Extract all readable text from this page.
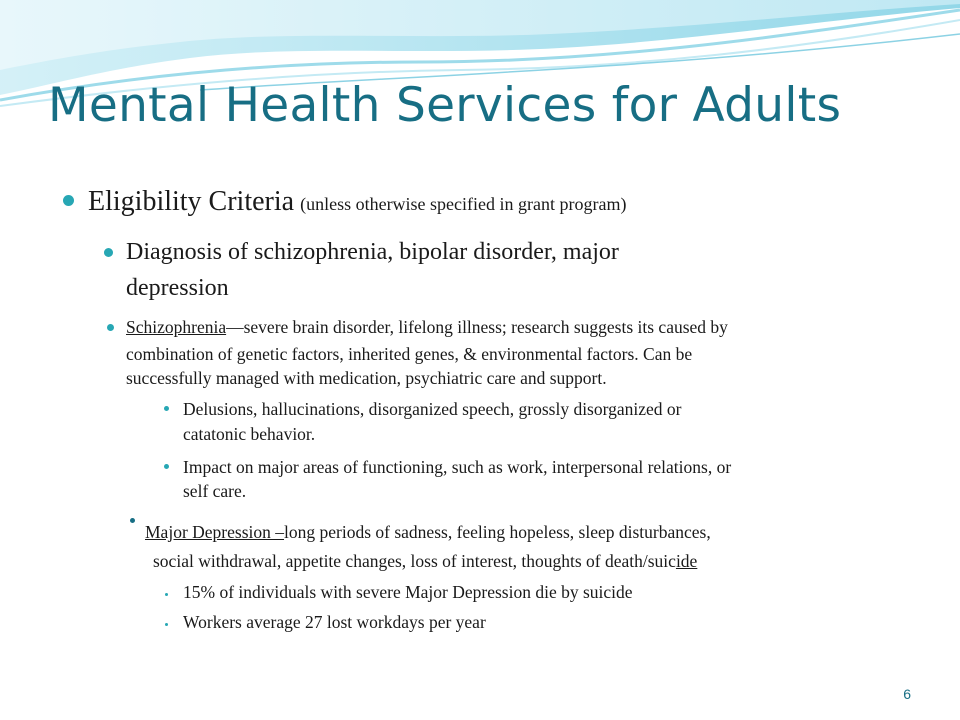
Mental Health Services for Adults

Eligibility Criteria (unless otherwise specified in grant program)

Diagnosis of schizophrenia, bipolar disorder, major

depression

Schizophrenia—severe brain disorder, lifelong illness; research suggests its caused by

combination of genetic factors, inherited genes, & environmental factors. Can be

successfully managed with medication, psychiatric care and support.

Delusions, hallucinations, disorganized speech, grossly disorganized or

catatonic behavior.

Impact on major areas of functioning, such as work, interpersonal relations, or

self care.

Major Depression –long periods of sadness, feeling hopeless, sleep disturbances,

social withdrawal, appetite changes, loss of interest, thoughts of death/suicide

15% of individuals with severe Major Depression die by suicide

Workers average 27 lost workdays per year

6
